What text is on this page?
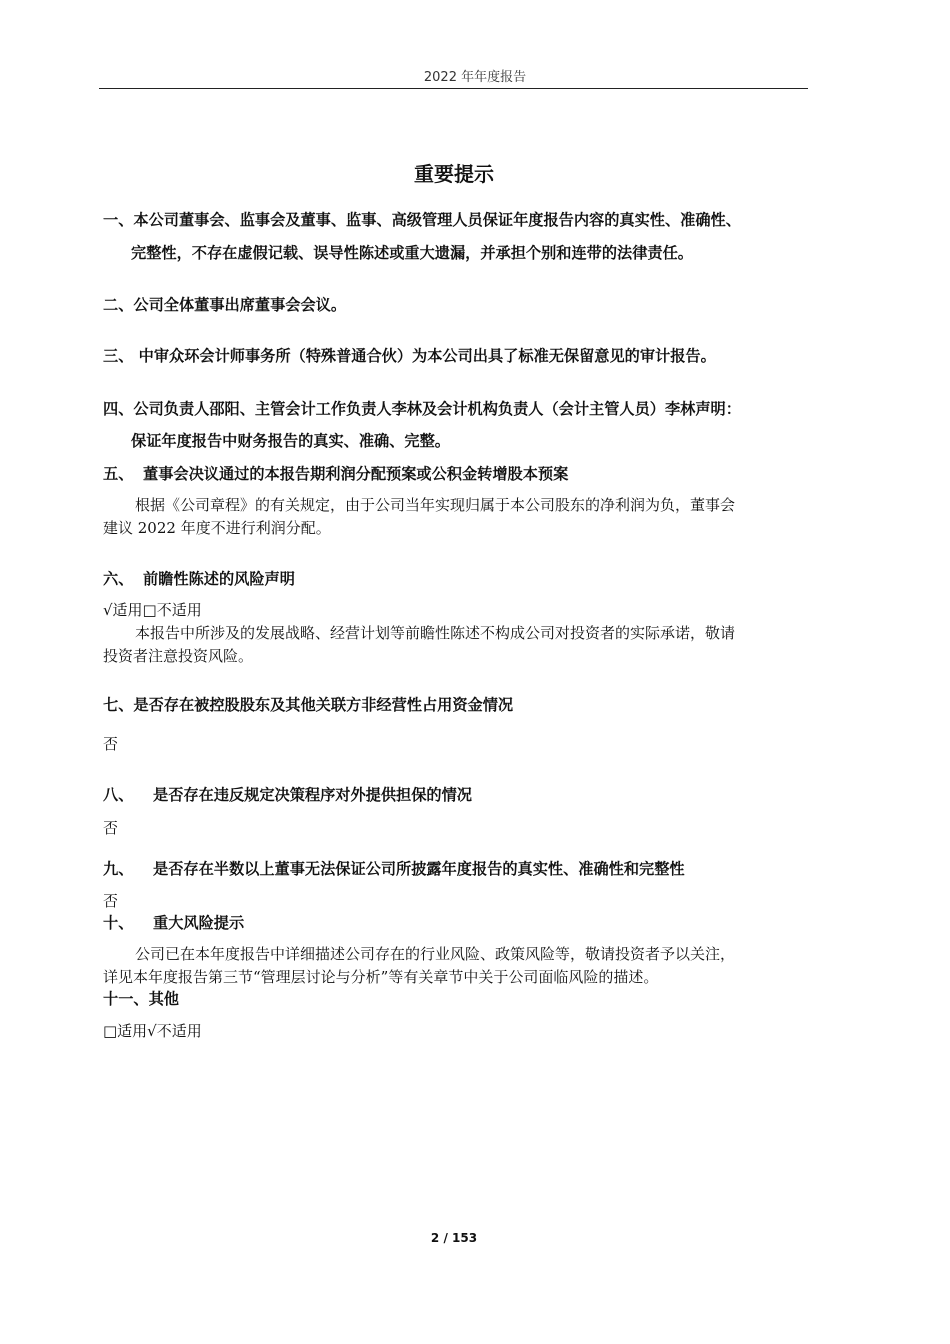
2022 年年度报告
重要提示
一、本公司董事会、监事会及董事、监事、高级管理人员保证年度报告内容的真实性、准确性、
完整性，不存在虚假记载、误导性陈述或重大遗漏，并承担个别和连带的法律责任。
二、公司全体董事出席董事会会议。
三、 中审众环会计师事务所（特殊普通合伙）为本公司出具了标准无保留意见的审计报告。
四、公司负责人邵阳、主管会计工作负责人李林及会计机构负责人（会计主管人员）李林声明：
保证年度报告中财务报告的真实、准确、完整。
五、 董事会决议通过的本报告期利润分配预案或公积金转增股本预案
根据《公司章程》的有关规定，由于公司当年实现归属于本公司股东的净利润为负，董事会
建议 2022 年度不进行利润分配。
六、 前瞻性陈述的风险声明
√适用□不适用
本报告中所涉及的发展战略、经营计划等前瞻性陈述不构成公司对投资者的实际承诺，敬请
投资者注意投资风险。
七、是否存在被控股股东及其他关联方非经营性占用资金情况
否
八、 是否存在违反规定决策程序对外提供担保的情况
否
九、 是否存在半数以上董事无法保证公司所披露年度报告的真实性、准确性和完整性
否
十、 重大风险提示
公司已在本年度报告中详细描述公司存在的行业风险、政策风险等，敬请投资者予以关注，
详见本年度报告第三节“管理层讨论与分析”等有关章节中关于公司面临风险的描述。
十一、其他
□适用√不适用
2 / 153
